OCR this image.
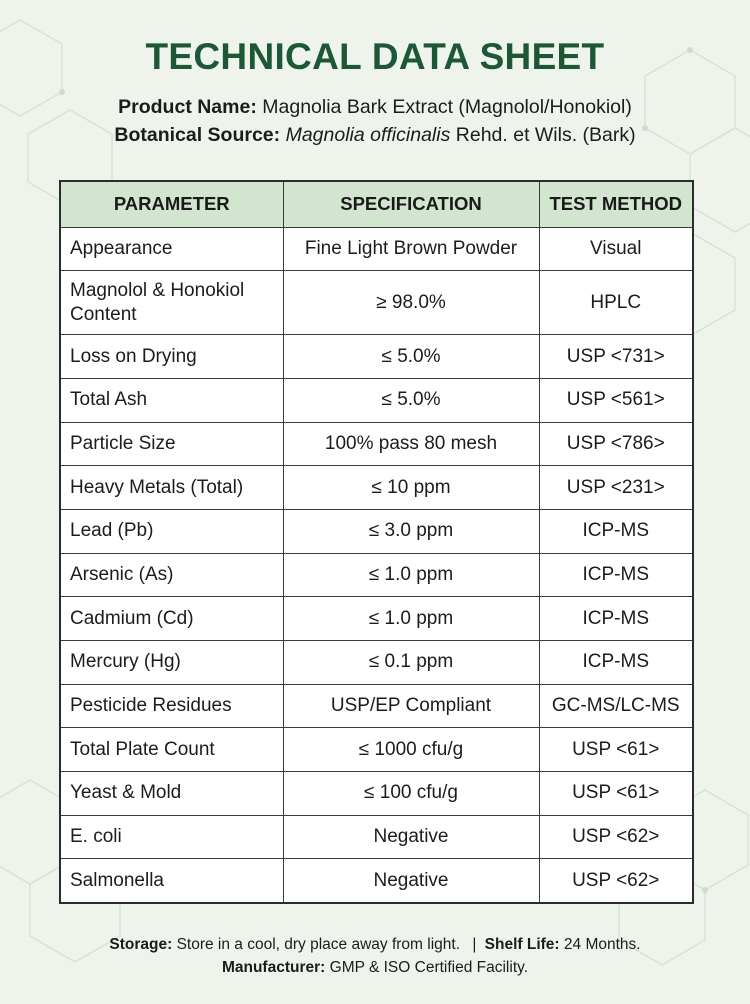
TECHNICAL DATA SHEET
Product Name: Magnolia Bark Extract (Magnolol/Honokiol)
Botanical Source: Magnolia officinalis Rehd. et Wils. (Bark)
PARAMETER	SPECIFICATION	TEST METHOD
Appearance	Fine Light Brown Powder	Visual
Magnolol & Honokiol Content	≥ 98.0%	HPLC
Loss on Drying	≤ 5.0%	USP <731>
Total Ash	≤ 5.0%	USP <561>
Particle Size	100% pass 80 mesh	USP <786>
Heavy Metals (Total)	≤ 10 ppm	USP <231>
Lead (Pb)	≤ 3.0 ppm	ICP-MS
Arsenic (As)	≤ 1.0 ppm	ICP-MS
Cadmium (Cd)	≤ 1.0 ppm	ICP-MS
Mercury (Hg)	≤ 0.1 ppm	ICP-MS
Pesticide Residues	USP/EP Compliant	GC-MS/LC-MS
Total Plate Count	≤ 1000 cfu/g	USP <61>
Yeast & Mold	≤ 100 cfu/g	USP <61>
E. coli	Negative	USP <62>
Salmonella	Negative	USP <62>
Storage: Store in a cool, dry place away from light. | Shelf Life: 24 Months.
Manufacturer: GMP & ISO Certified Facility.
